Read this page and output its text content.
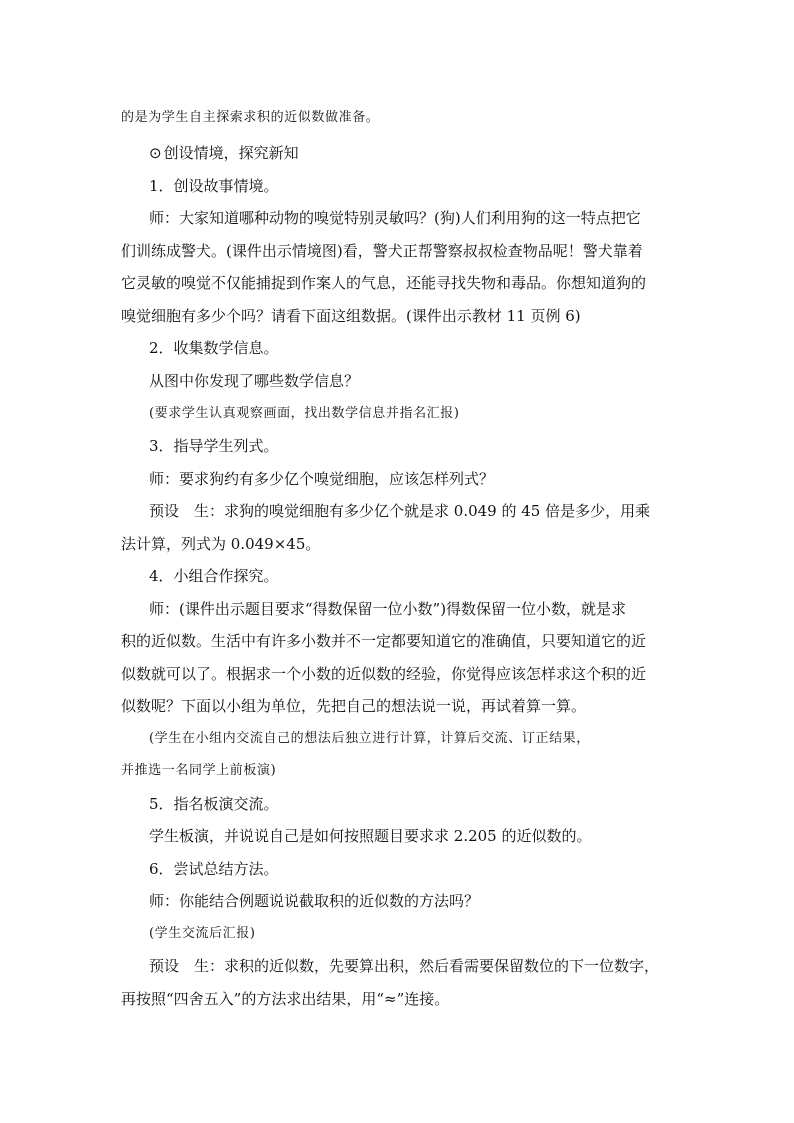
的是为学生自主探索求积的近似数做准备。
⊙ 创设情境，探究新知
1．创设故事情境。
师：大家知道哪种动物的嗅觉特别灵敏吗？(狗)人们利用狗的这一特点把它
们训练成警犬。(课件出示情境图)看，警犬正帮警察叔叔检查物品呢！警犬靠着
它灵敏的嗅觉不仅能捕捉到作案人的气息，还能寻找失物和毒品。你想知道狗的
嗅觉细胞有多少个吗？请看下面这组数据。(课件出示教材 11 页例 6)
2．收集数学信息。
从图中你发现了哪些数学信息？
(要求学生认真观察画面，找出数学信息并指名汇报)
3．指导学生列式。
师：要求狗约有多少亿个嗅觉细胞，应该怎样列式？
预设　生：求狗的嗅觉细胞有多少亿个就是求 0.049 的 45 倍是多少，用乘
法计算，列式为 0.049×45。
4．小组合作探究。
师：(课件出示题目要求“得数保留一位小数”)得数保留一位小数，就是求
积的近似数。生活中有许多小数并不一定都要知道它的准确值，只要知道它的近
似数就可以了。根据求一个小数的近似数的经验，你觉得应该怎样求这个积的近
似数呢？下面以小组为单位，先把自己的想法说一说，再试着算一算。
(学生在小组内交流自己的想法后独立进行计算，计算后交流、订正结果，
并推选一名同学上前板演)
5．指名板演交流。
学生板演，并说说自己是如何按照题目要求求 2.205 的近似数的。
6．尝试总结方法。
师：你能结合例题说说截取积的近似数的方法吗？
(学生交流后汇报)
预设　生：求积的近似数，先要算出积，然后看需要保留数位的下一位数字，
再按照“四舍五入”的方法求出结果，用“≈”连接。
